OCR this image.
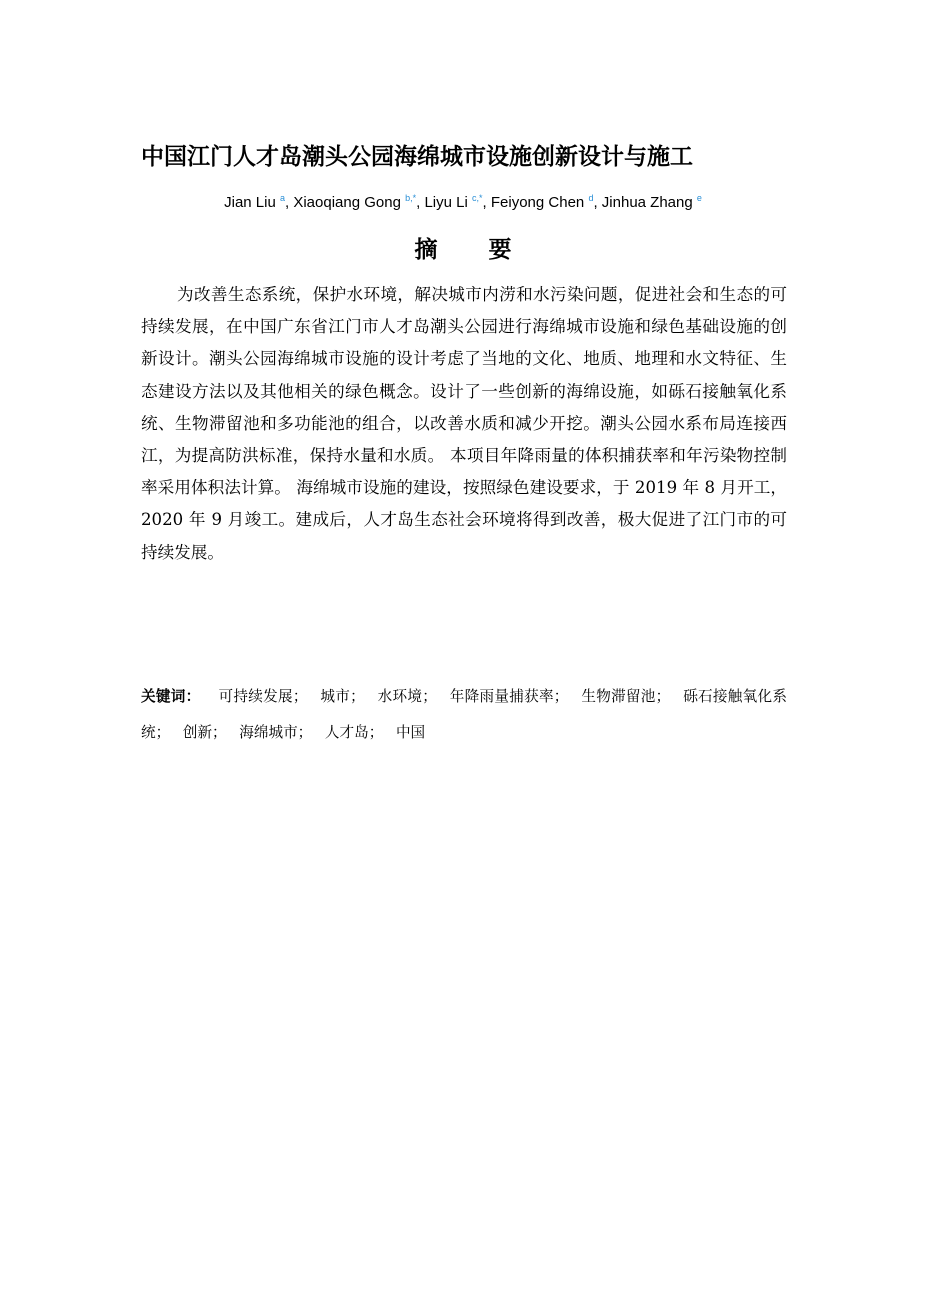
中国江门人才岛潮头公园海绵城市设施创新设计与施工
Jian Liu $^a$, Xiaoqiang Gong $^{b,*}$, Liyu Li $^{c,*}$, Feiyong Chen $^d$, Jinhua Zhang $^e$
摘　要

为改善生态系统，保护水环境，解决城市内涝和水污染问题，促进社会和生态的可持续发展，在中国广东省江门市人才岛潮头公园进行海绵城市设施和绿色基础设施的创新设计。潮头公园海绵城市设施的设计考虑了当地的文化、地质、地理和水文特征、生态建设方法以及其他相关的绿色概念。设计了一些创新的海绵设施，如砾石接触氧化系统、生物滞留池和多功能池的组合，以改善水质和减少开挖。潮头公园水系布局连接西江，为提高防洪标准，保持水量和水质。 本项目年降雨量的体积捕获率和年污染物控制率采用体积法计算。 海绵城市设施的建设，按照绿色建设要求，于 2019 年 8 月开工，2020 年 9 月竣工。建成后，人才岛生态社会环境将得到改善，极大促进了江门市的可持续发展。

关键词： 可持续发展； 城市； 水环境； 年降雨量捕获率； 生物滞留池； 砾石接触氧化系统； 创新； 海绵城市； 人才岛； 中国
